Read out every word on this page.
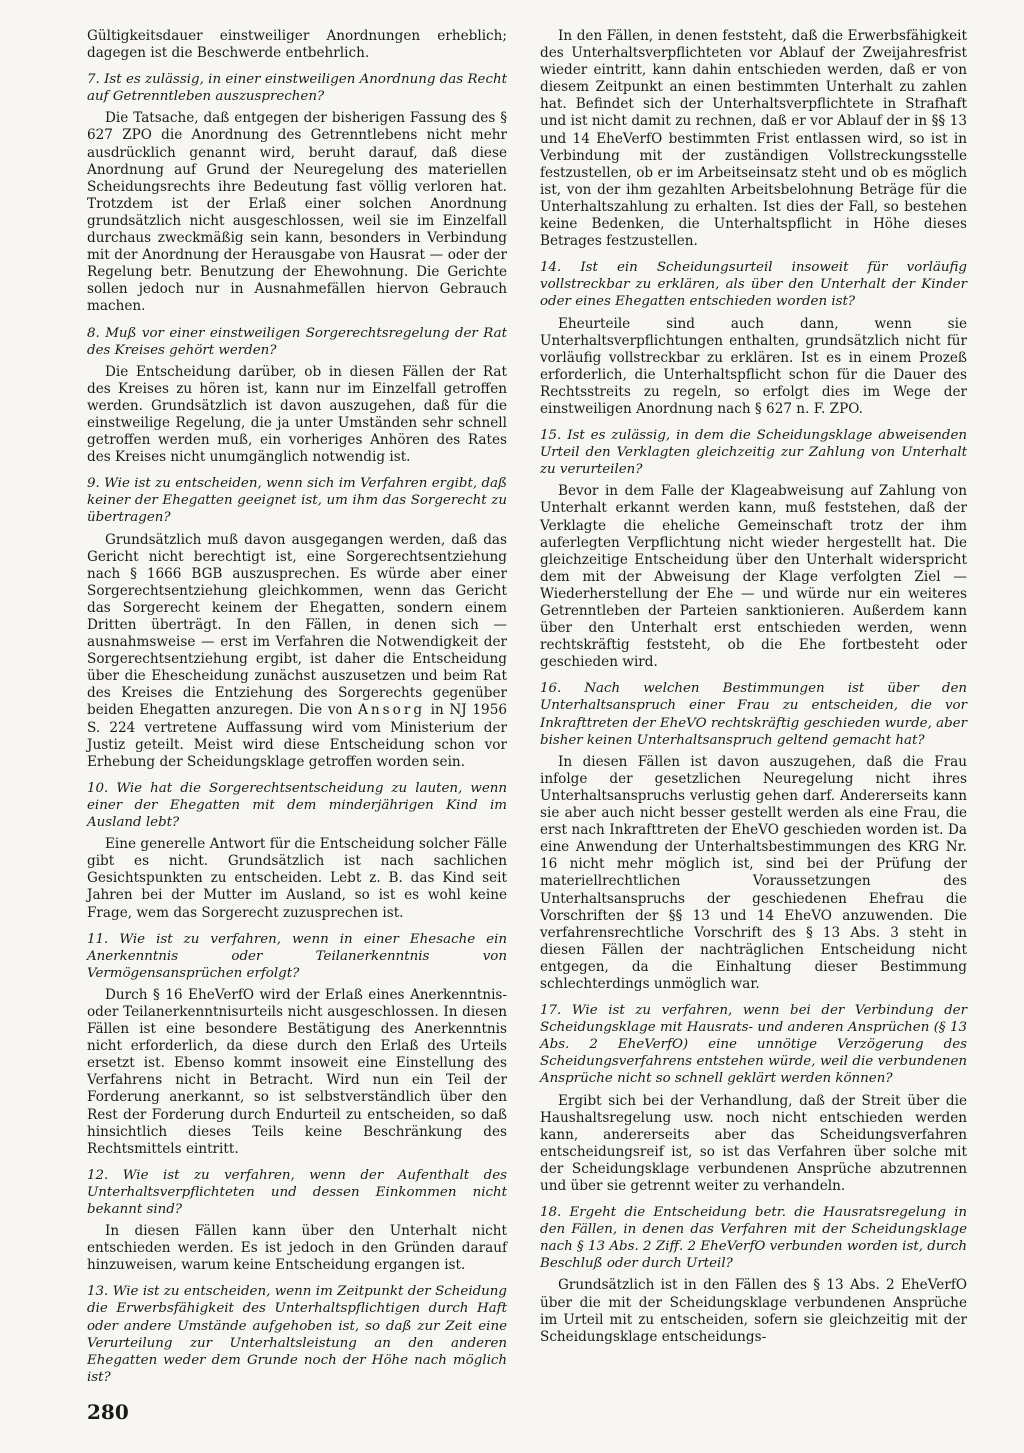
Gültigkeitsdauer einstweiliger Anordnungen erheblich; dagegen ist die Beschwerde entbehrlich.

7. Ist es zulässig, in einer einstweiligen Anordnung das Recht auf Getrenntleben auszusprechen?

Die Tatsache, daß entgegen der bisherigen Fassung des § 627 ZPO die Anordnung des Getrenntlebens nicht mehr ausdrücklich genannt wird, beruht darauf, daß diese Anordnung auf Grund der Neuregelung des materiellen Scheidungsrechts ihre Bedeutung fast völlig verloren hat. Trotzdem ist der Erlaß einer solchen Anordnung grundsätzlich nicht ausgeschlossen, weil sie im Einzelfall durchaus zweckmäßig sein kann, besonders in Verbindung mit der Anordnung der Herausgabe von Hausrat — oder der Regelung betr. Benutzung der Ehewohnung. Die Gerichte sollen jedoch nur in Ausnahmefällen hiervon Gebrauch machen.

8. Muß vor einer einstweiligen Sorgerechtsregelung der Rat des Kreises gehört werden?

Die Entscheidung darüber, ob in diesen Fällen der Rat des Kreises zu hören ist, kann nur im Einzelfall getroffen werden. Grundsätzlich ist davon auszugehen, daß für die einstweilige Regelung, die ja unter Umständen sehr schnell getroffen werden muß, ein vorheriges Anhören des Rates des Kreises nicht unumgänglich notwendig ist.

9. Wie ist zu entscheiden, wenn sich im Verfahren ergibt, daß keiner der Ehegatten geeignet ist, um ihm das Sorgerecht zu übertragen?

Grundsätzlich muß davon ausgegangen werden, daß das Gericht nicht berechtigt ist, eine Sorgerechtsentziehung nach § 1666 BGB auszusprechen. Es würde aber einer Sorgerechtsentziehung gleichkommen, wenn das Gericht das Sorgerecht keinem der Ehegatten, sondern einem Dritten überträgt. In den Fällen, in denen sich — ausnahmsweise — erst im Verfahren die Notwendigkeit der Sorgerechtsentziehung ergibt, ist daher die Entscheidung über die Ehescheidung zunächst auszusetzen und beim Rat des Kreises die Entziehung des Sorgerechts gegenüber beiden Ehegatten anzuregen. Die von Ansorg in NJ 1956 S. 224 vertretene Auffassung wird vom Ministerium der Justiz geteilt. Meist wird diese Entscheidung schon vor Erhebung der Scheidungsklage getroffen worden sein.

10. Wie hat die Sorgerechtsentscheidung zu lauten, wenn einer der Ehegatten mit dem minderjährigen Kind im Ausland lebt?

Eine generelle Antwort für die Entscheidung solcher Fälle gibt es nicht. Grundsätzlich ist nach sachlichen Gesichtspunkten zu entscheiden. Lebt z. B. das Kind seit Jahren bei der Mutter im Ausland, so ist es wohl keine Frage, wem das Sorgerecht zuzusprechen ist.

11. Wie ist zu verfahren, wenn in einer Ehesache ein Anerkenntnis oder Teilanerkenntnis von Vermögensansprüchen erfolgt?

Durch § 16 EheVerfO wird der Erlaß eines Anerkenntnis- oder Teilanerkenntnisurteils nicht ausgeschlossen. In diesen Fällen ist eine besondere Bestätigung des Anerkenntnis nicht erforderlich, da diese durch den Erlaß des Urteils ersetzt ist. Ebenso kommt insoweit eine Einstellung des Verfahrens nicht in Betracht. Wird nun ein Teil der Forderung anerkannt, so ist selbstverständlich über den Rest der Forderung durch Endurteil zu entscheiden, so daß hinsichtlich dieses Teils keine Beschränkung des Rechtsmittels eintritt.

12. Wie ist zu verfahren, wenn der Aufenthalt des Unterhaltsverpflichteten und dessen Einkommen nicht bekannt sind?

In diesen Fällen kann über den Unterhalt nicht entschieden werden. Es ist jedoch in den Gründen darauf hinzuweisen, warum keine Entscheidung ergangen ist.

13. Wie ist zu entscheiden, wenn im Zeitpunkt der Scheidung die Erwerbsfähigkeit des Unterhaltspflichtigen durch Haft oder andere Umstände aufgehoben ist, so daß zur Zeit eine Verurteilung zur Unterhaltsleistung an den anderen Ehegatten weder dem Grunde noch der Höhe nach möglich ist?

In den Fällen, in denen feststeht, daß die Erwerbsfähigkeit des Unterhaltsverpflichteten vor Ablauf der Zweijahresfrist wieder eintritt, kann dahin entschieden werden, daß er von diesem Zeitpunkt an einen bestimmten Unterhalt zu zahlen hat. Befindet sich der Unterhaltsverpflichtete in Strafhaft und ist nicht damit zu rechnen, daß er vor Ablauf der in §§ 13 und 14 EheVerfO bestimmten Frist entlassen wird, so ist in Verbindung mit der zuständigen Vollstreckungsstelle festzustellen, ob er im Arbeitseinsatz steht und ob es möglich ist, von der ihm gezahlten Arbeitsbelohnung Beträge für die Unterhaltszahlung zu erhalten. Ist dies der Fall, so bestehen keine Bedenken, die Unterhaltspflicht in Höhe dieses Betrages festzustellen.

14. Ist ein Scheidungsurteil insoweit für vorläufig vollstreckbar zu erklären, als über den Unterhalt der Kinder oder eines Ehegatten entschieden worden ist?

Eheurteile sind auch dann, wenn sie Unterhaltsverpflichtungen enthalten, grundsätzlich nicht für vorläufig vollstreckbar zu erklären. Ist es in einem Prozeß erforderlich, die Unterhaltspflicht schon für die Dauer des Rechtsstreits zu regeln, so erfolgt dies im Wege der einstweiligen Anordnung nach § 627 n. F. ZPO.

15. Ist es zulässig, in dem die Scheidungsklage abweisenden Urteil den Verklagten gleichzeitig zur Zahlung von Unterhalt zu verurteilen?

Bevor in dem Falle der Klageabweisung auf Zahlung von Unterhalt erkannt werden kann, muß feststehen, daß der Verklagte die eheliche Gemeinschaft trotz der ihm auferlegten Verpflichtung nicht wieder hergestellt hat. Die gleichzeitige Entscheidung über den Unterhalt widerspricht dem mit der Abweisung der Klage verfolgten Ziel — Wiederherstellung der Ehe — und würde nur ein weiteres Getrenntleben der Parteien sanktionieren. Außerdem kann über den Unterhalt erst entschieden werden, wenn rechtskräftig feststeht, ob die Ehe fortbesteht oder geschieden wird.

16. Nach welchen Bestimmungen ist über den Unterhaltsanspruch einer Frau zu entscheiden, die vor Inkrafttreten der EheVO rechtskräftig geschieden wurde, aber bisher keinen Unterhaltsanspruch geltend gemacht hat?

In diesen Fällen ist davon auszugehen, daß die Frau infolge der gesetzlichen Neuregelung nicht ihres Unterhaltsanspruchs verlustig gehen darf. Andererseits kann sie aber auch nicht besser gestellt werden als eine Frau, die erst nach Inkrafttreten der EheVO geschieden worden ist. Da eine Anwendung der Unterhaltsbestimmungen des KRG Nr. 16 nicht mehr möglich ist, sind bei der Prüfung der materiellrechtlichen Voraussetzungen des Unterhaltsanspruchs der geschiedenen Ehefrau die Vorschriften der §§ 13 und 14 EheVO anzuwenden. Die verfahrensrechtliche Vorschrift des § 13 Abs. 3 steht in diesen Fällen der nachträglichen Entscheidung nicht entgegen, da die Einhaltung dieser Bestimmung schlechterdings unmöglich war.

17. Wie ist zu verfahren, wenn bei der Verbindung der Scheidungsklage mit Hausrats- und anderen Ansprüchen (§ 13 Abs. 2 EheVerfO) eine unnötige Verzögerung des Scheidungsverfahrens entstehen würde, weil die verbundenen Ansprüche nicht so schnell geklärt werden können?

Ergibt sich bei der Verhandlung, daß der Streit über die Haushaltsregelung usw. noch nicht entschieden werden kann, andererseits aber das Scheidungsverfahren entscheidungsreif ist, so ist das Verfahren über solche mit der Scheidungsklage verbundenen Ansprüche abzutrennen und über sie getrennt weiter zu verhandeln.

18. Ergeht die Entscheidung betr. die Hausratsregelung in den Fällen, in denen das Verfahren mit der Scheidungsklage nach § 13 Abs. 2 Ziff. 2 EheVerfO verbunden worden ist, durch Beschluß oder durch Urteil?

Grundsätzlich ist in den Fällen des § 13 Abs. 2 EheVerfO über die mit der Scheidungsklage verbundenen Ansprüche im Urteil mit zu entscheiden, sofern sie gleichzeitig mit der Scheidungsklage entscheidungs-

280
